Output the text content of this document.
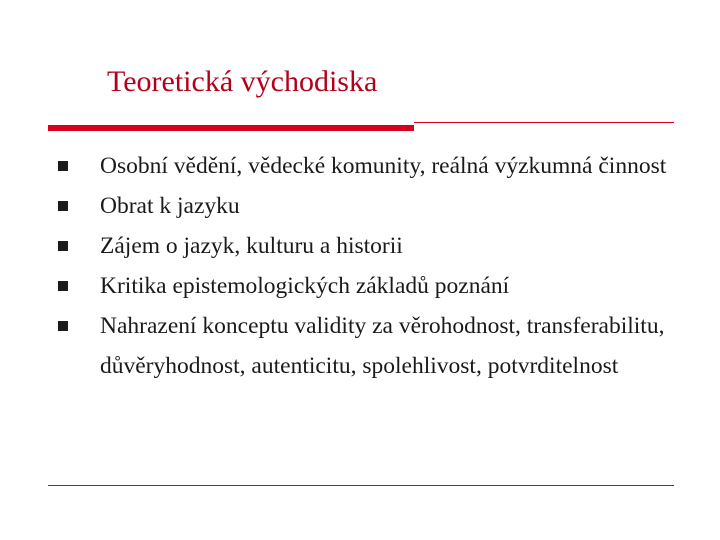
Teoretická východiska
Osobní vědění, vědecké komunity, reálná výzkumná činnost
Obrat k jazyku
Zájem o jazyk, kulturu a historii
Kritika epistemologických základů poznání
Nahrazení konceptu validity za věrohodnost, transferabilitu, důvěryhodnost, autenticitu, spolehlivost, potvrditelnost
